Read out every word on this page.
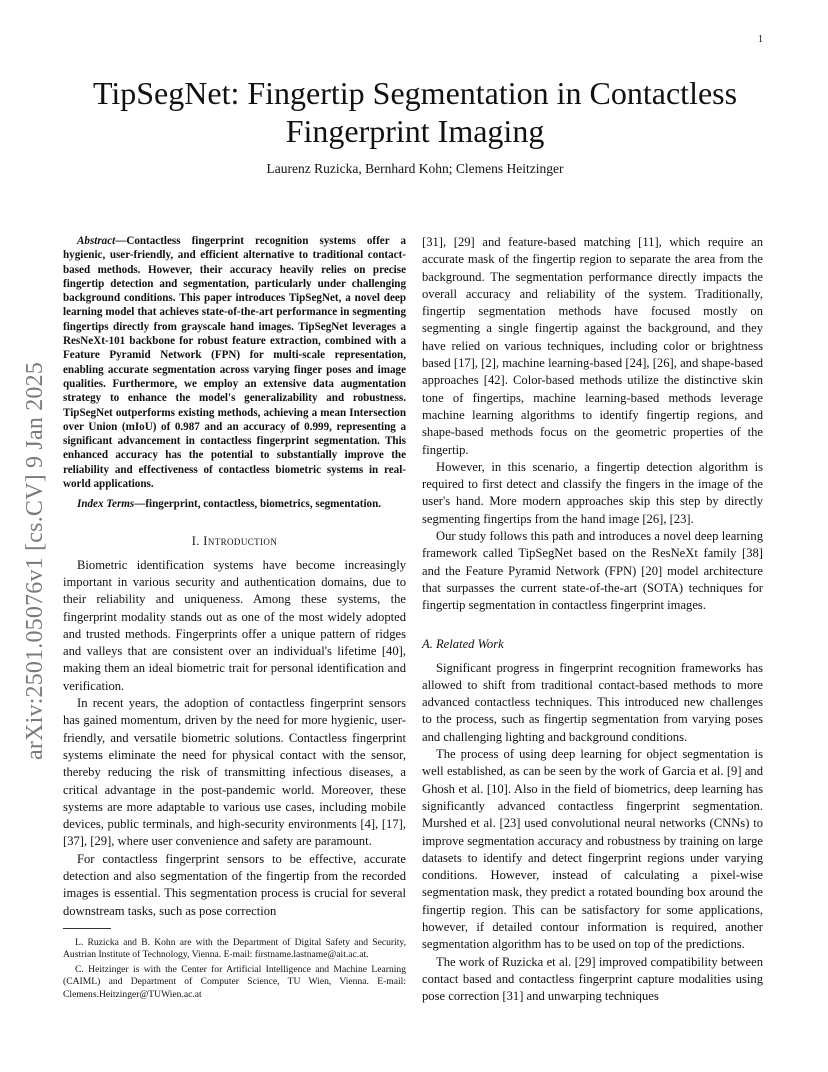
1
arXiv:2501.05076v1 [cs.CV] 9 Jan 2025
TipSegNet: Fingertip Segmentation in Contactless Fingerprint Imaging

Laurenz Ruzicka, Bernhard Kohn; Clemens Heitzinger

Abstract—Contactless fingerprint recognition systems offer a hygienic, user-friendly, and efficient alternative to traditional contact-based methods. However, their accuracy heavily relies on precise fingertip detection and segmentation, particularly under challenging background conditions. This paper introduces TipSegNet, a novel deep learning model that achieves state-of-the-art performance in segmenting fingertips directly from grayscale hand images. TipSegNet leverages a ResNeXt-101 backbone for robust feature extraction, combined with a Feature Pyramid Network (FPN) for multi-scale representation, enabling accurate segmentation across varying finger poses and image qualities. Furthermore, we employ an extensive data augmentation strategy to enhance the model's generalizability and robustness. TipSegNet outperforms existing methods, achieving a mean Intersection over Union (mIoU) of 0.987 and an accuracy of 0.999, representing a significant advancement in contactless fingerprint segmentation. This enhanced accuracy has the potential to substantially improve the reliability and effectiveness of contactless biometric systems in real-world applications.

Index Terms—fingerprint, contactless, biometrics, segmentation.

I. Introduction

Biometric identification systems have become increasingly important in various security and authentication domains, due to their reliability and uniqueness. Among these systems, the fingerprint modality stands out as one of the most widely adopted and trusted methods. Fingerprints offer a unique pattern of ridges and valleys that are consistent over an individual's lifetime [40], making them an ideal biometric trait for personal identification and verification.

In recent years, the adoption of contactless fingerprint sensors has gained momentum, driven by the need for more hygienic, user-friendly, and versatile biometric solutions. Contactless fingerprint systems eliminate the need for physical contact with the sensor, thereby reducing the risk of transmitting infectious diseases, a critical advantage in the post-pandemic world. Moreover, these systems are more adaptable to various use cases, including mobile devices, public terminals, and high-security environments [4], [17], [37], [29], where user convenience and safety are paramount.

For contactless fingerprint sensors to be effective, accurate detection and also segmentation of the fingertip from the recorded images is essential. This segmentation process is crucial for several downstream tasks, such as pose correction

L. Ruzicka and B. Kohn are with the Department of Digital Safety and Security, Austrian Institute of Technology, Vienna. E-mail: firstname.lastname@ait.ac.at.

C. Heitzinger is with the Center for Artificial Intelligence and Machine Learning (CAIML) and Department of Computer Science, TU Wien, Vienna. E-mail: Clemens.Heitzinger@TUWien.ac.at

[31], [29] and feature-based matching [11], which require an accurate mask of the fingertip region to separate the area from the background. The segmentation performance directly impacts the overall accuracy and reliability of the system. Traditionally, fingertip segmentation methods have focused mostly on segmenting a single fingertip against the background, and they have relied on various techniques, including color or brightness based [17], [2], machine learning-based [24], [26], and shape-based approaches [42]. Color-based methods utilize the distinctive skin tone of fingertips, machine learning-based methods leverage machine learning algorithms to identify fingertip regions, and shape-based methods focus on the geometric properties of the fingertip.

However, in this scenario, a fingertip detection algorithm is required to first detect and classify the fingers in the image of the user's hand. More modern approaches skip this step by directly segmenting fingertips from the hand image [26], [23].

Our study follows this path and introduces a novel deep learning framework called TipSegNet based on the ResNeXt family [38] and the Feature Pyramid Network (FPN) [20] model architecture that surpasses the current state-of-the-art (SOTA) techniques for fingertip segmentation in contactless fingerprint images.

A. Related Work

Significant progress in fingerprint recognition frameworks has allowed to shift from traditional contact-based methods to more advanced contactless techniques. This introduced new challenges to the process, such as fingertip segmentation from varying poses and challenging lighting and background conditions.

The process of using deep learning for object segmentation is well established, as can be seen by the work of Garcia et al. [9] and Ghosh et al. [10]. Also in the field of biometrics, deep learning has significantly advanced contactless fingerprint segmentation. Murshed et al. [23] used convolutional neural networks (CNNs) to improve segmentation accuracy and robustness by training on large datasets to identify and detect fingerprint regions under varying conditions. However, instead of calculating a pixel-wise segmentation mask, they predict a rotated bounding box around the fingertip region. This can be satisfactory for some applications, however, if detailed contour information is required, another segmentation algorithm has to be used on top of the predictions.

The work of Ruzicka et al. [29] improved compatibility between contact based and contactless fingerprint capture modalities using pose correction [31] and unwarping techniques
